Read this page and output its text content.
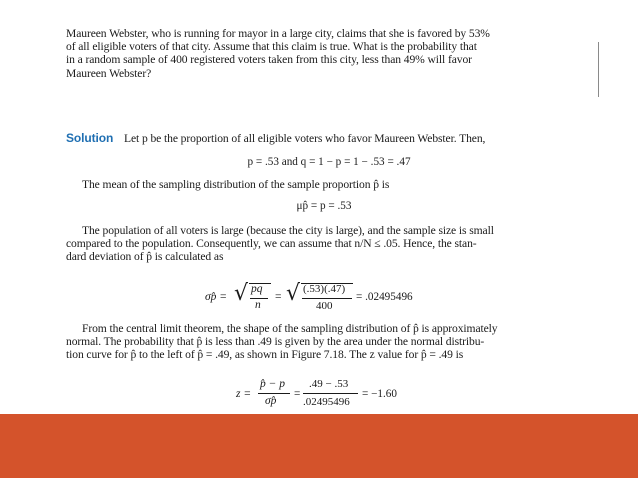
Maureen Webster, who is running for mayor in a large city, claims that she is favored by 53%
of all eligible voters of that city. Assume that this claim is true. What is the probability that
in a random sample of 400 registered voters taken from this city, less than 49% will favor
Maureen Webster?
Solution Let p be the proportion of all eligible voters who favor Maureen Webster. Then,
p = .53 and q = 1 − p = 1 − .53 = .47
The mean of the sampling distribution of the sample proportion p̂ is
μp̂ = p = .53
The population of all voters is large (because the city is large), and the sample size is small
compared to the population. Consequently, we can assume that n/N ≤ .05. Hence, the stan-
dard deviation of p̂ is calculated as
σp̂ = √ pq
n
= √ (.53)(.47)
400
= .02495496
From the central limit theorem, the shape of the sampling distribution of p̂ is approximately
normal. The probability that p̂ is less than .49 is given by the area under the normal distribu-
tion curve for p̂ to the left of p̂ = .49, as shown in Figure 7.18. The z value for p̂ = .49 is
z =
p̂ − p
σp̂
=
.49 − .53
.02495496
= −1.60
